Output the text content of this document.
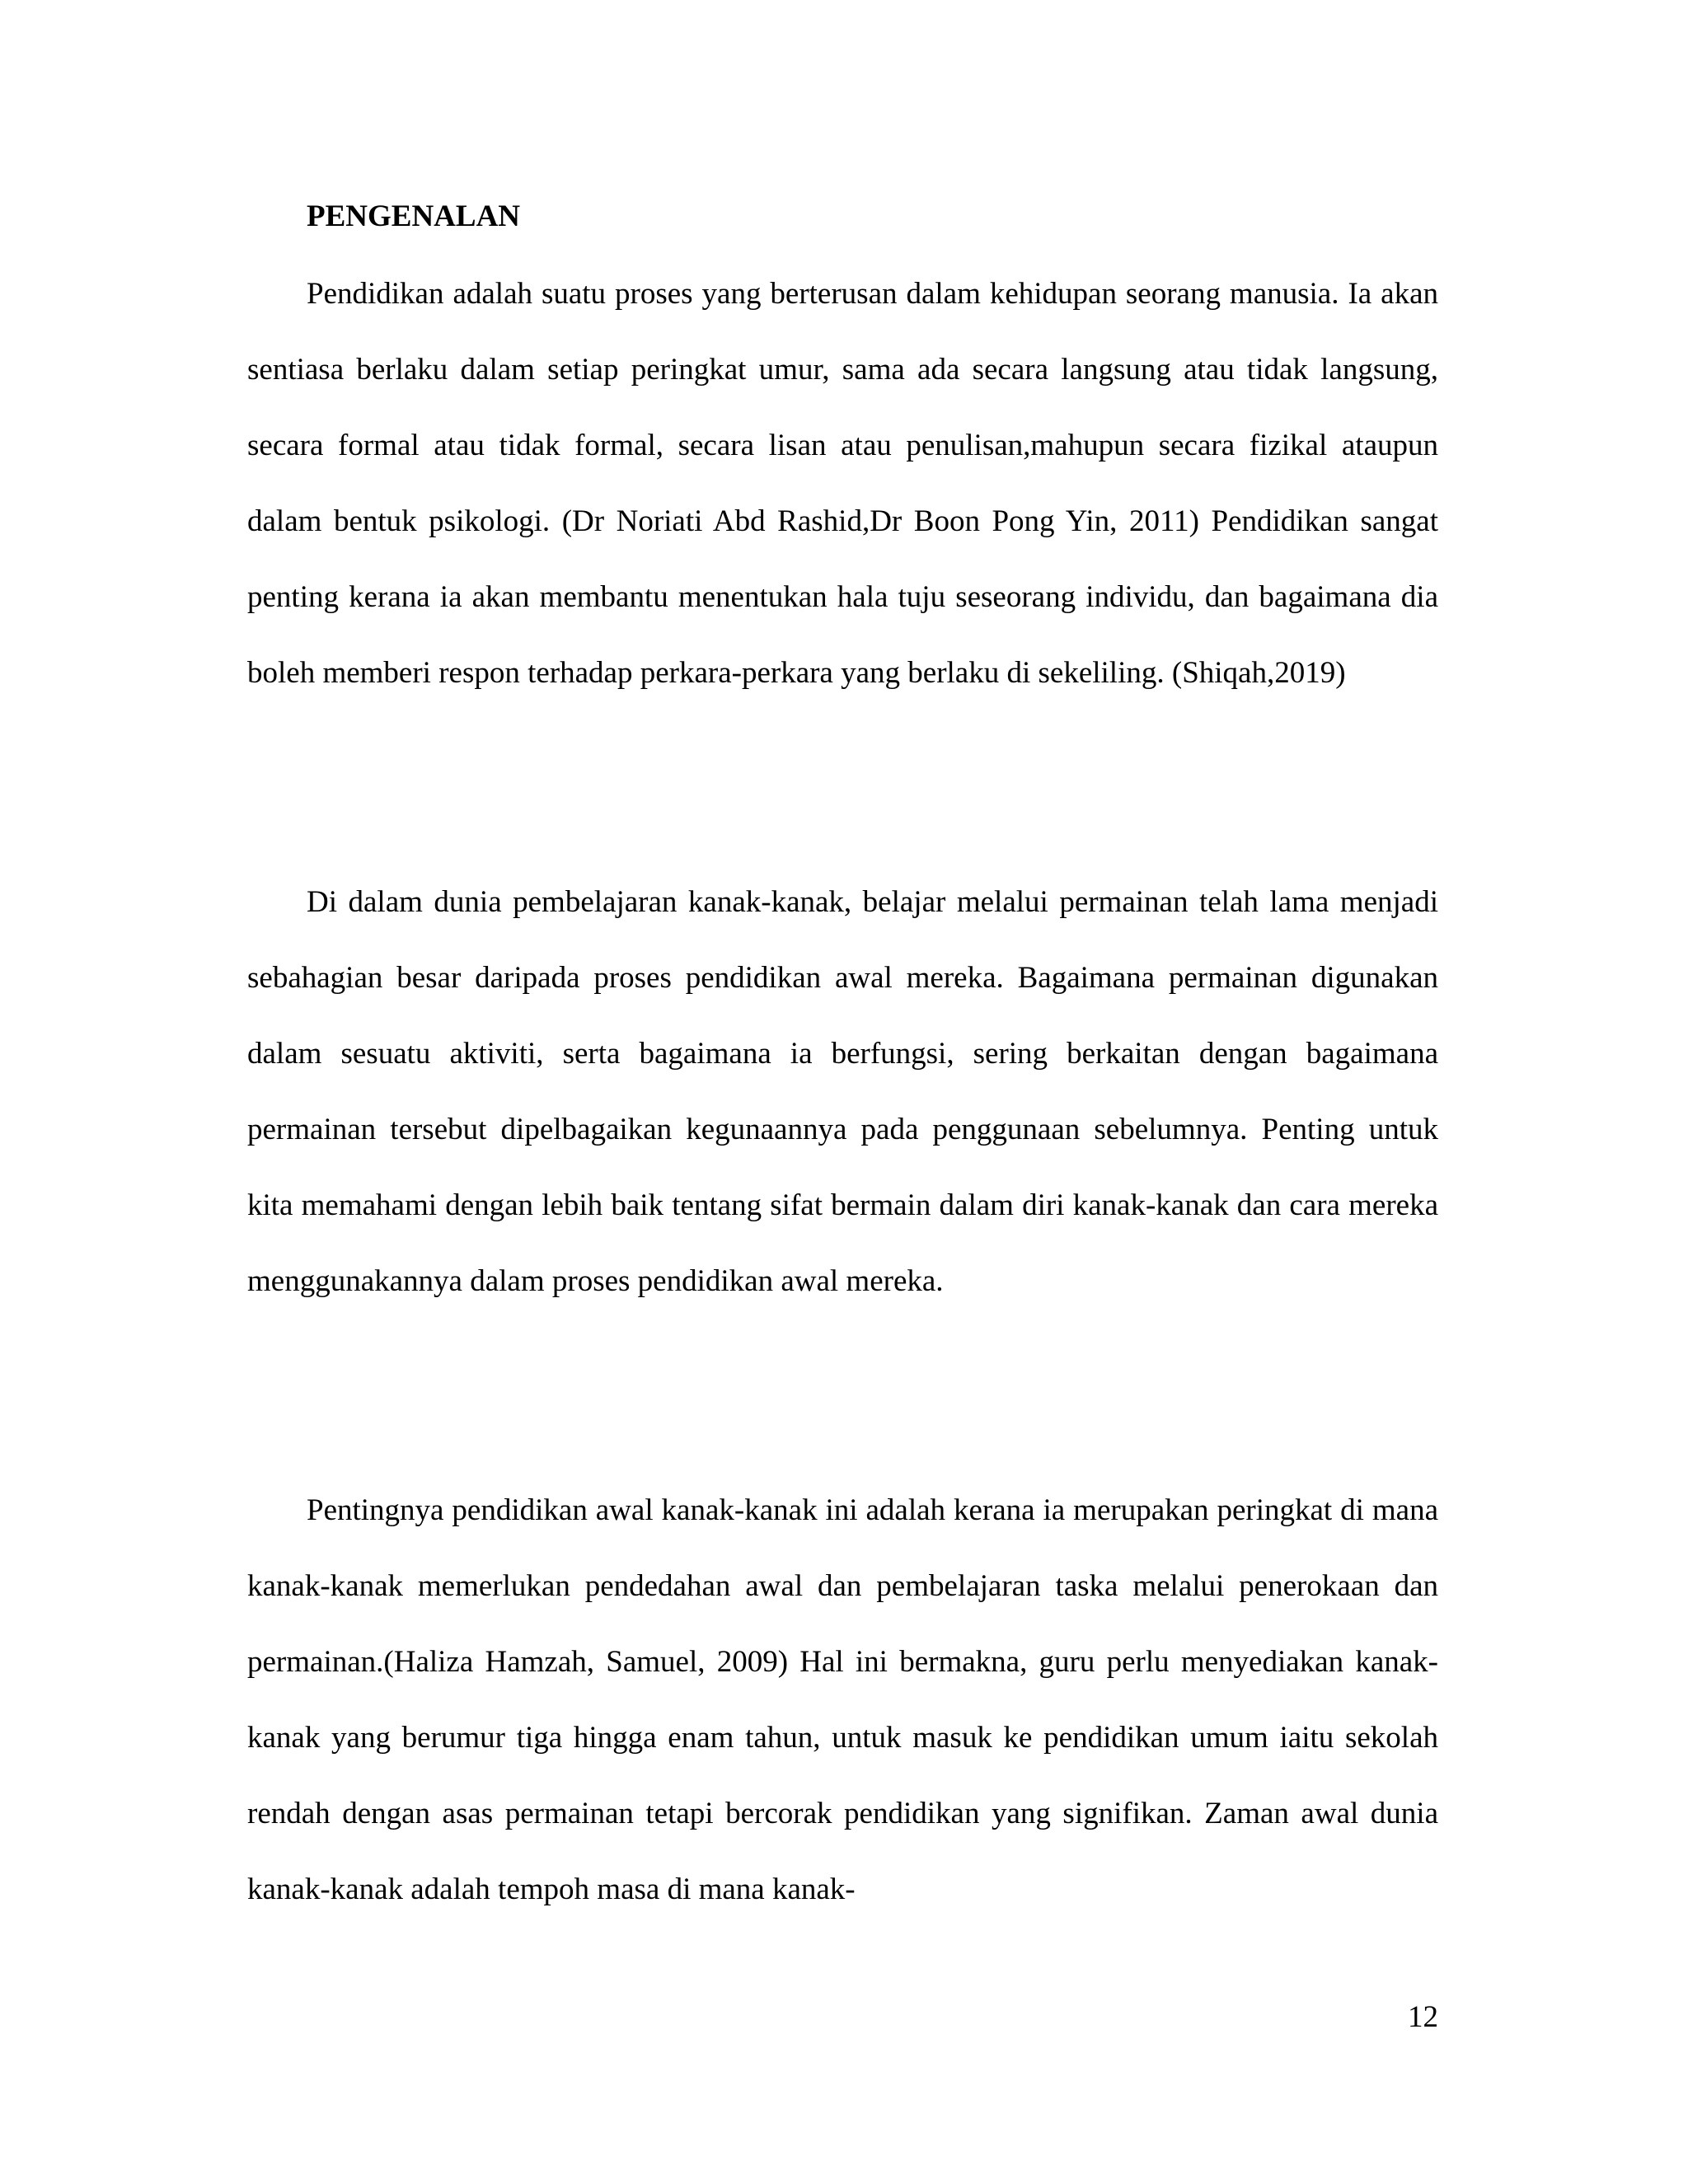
PENGENALAN

Pendidikan adalah suatu proses yang berterusan dalam kehidupan seorang manusia. Ia akan sentiasa berlaku dalam setiap peringkat umur, sama ada secara langsung atau tidak langsung, secara formal atau tidak formal, secara lisan atau penulisan,mahupun secara fizikal ataupun dalam bentuk psikologi. (Dr Noriati Abd Rashid,Dr Boon Pong Yin, 2011) Pendidikan sangat penting kerana ia akan membantu menentukan hala tuju seseorang individu, dan bagaimana dia boleh memberi respon terhadap perkara-perkara yang berlaku di sekeliling. (Shiqah,2019)

Di dalam dunia pembelajaran kanak-kanak, belajar melalui permainan telah lama menjadi sebahagian besar daripada proses pendidikan awal mereka. Bagaimana permainan digunakan dalam sesuatu aktiviti, serta bagaimana ia berfungsi, sering berkaitan dengan bagaimana permainan tersebut dipelbagaikan kegunaannya pada penggunaan sebelumnya. Penting untuk kita memahami dengan lebih baik tentang sifat bermain dalam diri kanak-kanak dan cara mereka menggunakannya dalam proses pendidikan awal mereka.

Pentingnya pendidikan awal kanak-kanak ini adalah kerana ia merupakan peringkat di mana kanak-kanak memerlukan pendedahan awal dan pembelajaran taska melalui penerokaan dan permainan.(Haliza Hamzah, Samuel, 2009) Hal ini bermakna, guru perlu menyediakan kanak-kanak yang berumur tiga hingga enam tahun, untuk masuk ke pendidikan umum iaitu sekolah rendah dengan asas permainan tetapi bercorak pendidikan yang signifikan. Zaman awal dunia kanak-kanak adalah tempoh masa di mana kanak-

12
